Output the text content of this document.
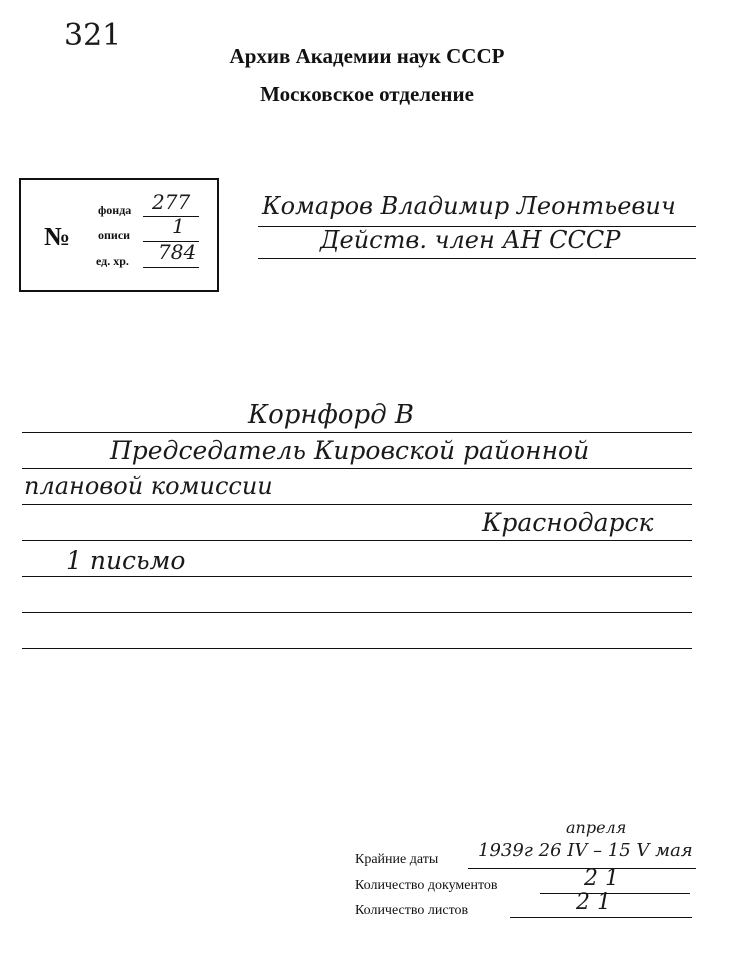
321
Архив Академии наук СССР
Московское отделение
№
фонда 277
описи 1
ед. хр. 784
Комаров Владимир Леонтьевич
Действ. член АН СССР
Корнфорд В
Председатель Кировской районной
плановой комиссии
Краснодарск
1 письмо
апреля
Крайние даты 1939г 26 IV – 15 V мая
Количество документов	2 1
Количество листов	2 1
